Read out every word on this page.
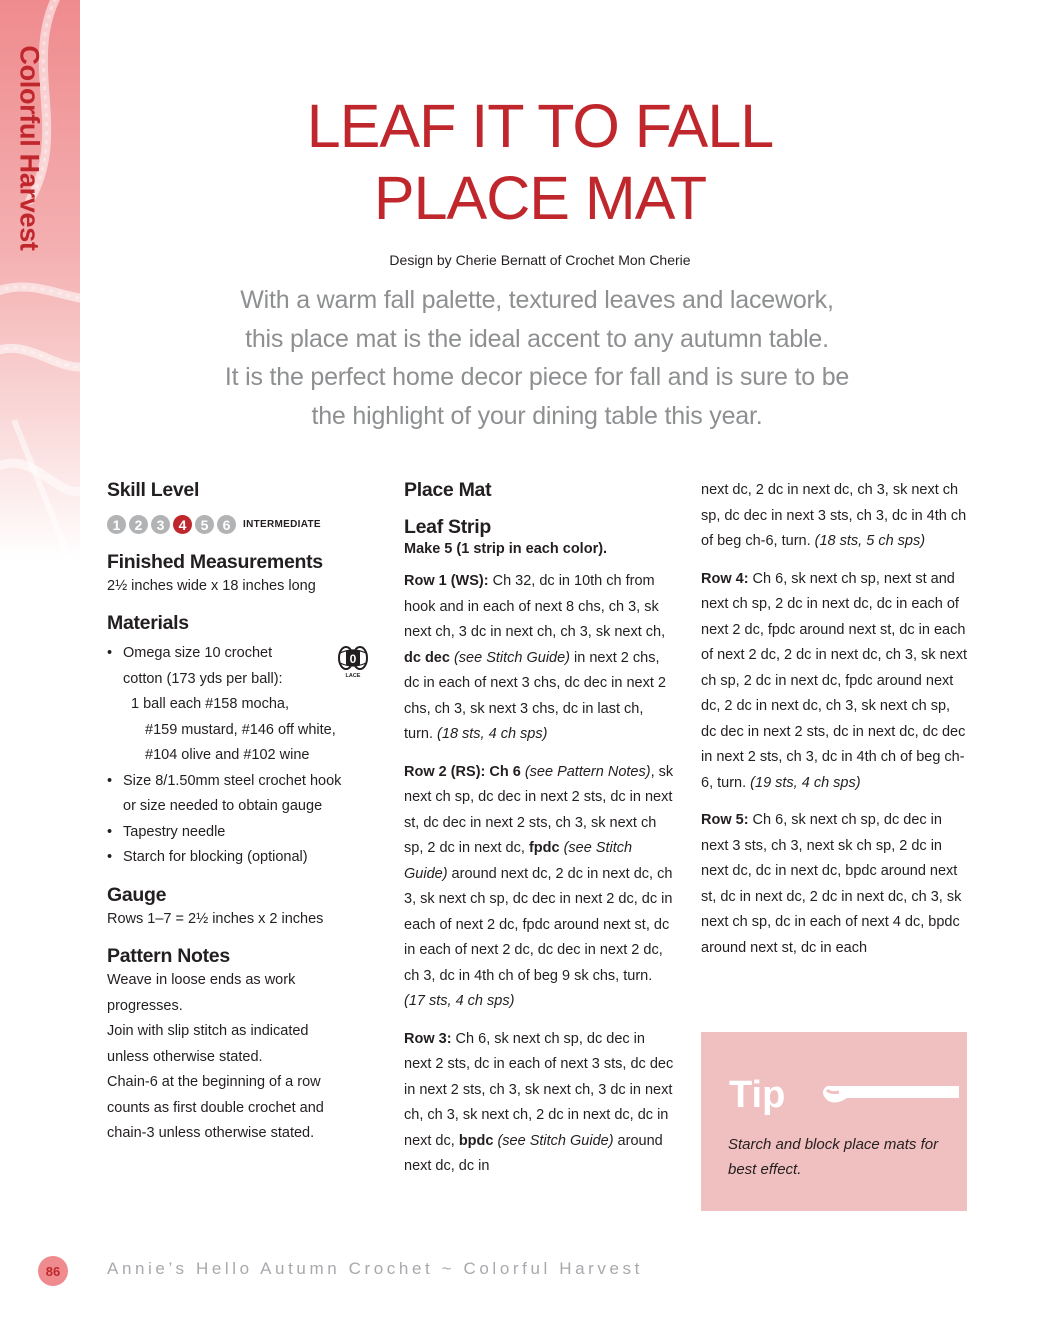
Colorful Harvest	LEAF IT TO FALL
PLACE MAT
Design by Cherie Bernatt of Crochet Mon Cherie
With a warm fall palette, textured leaves and lacework,
this place mat is the ideal accent to any autumn table.
It is the perfect home decor piece for fall and is sure to be
the highlight of your dining table this year.
Skill Level
1	2	3	4	5	6	INTERMEDIATE
Finished Measurements
2½ inches wide x 18 inches long
Materials
0
LACE
• Omega size 10 crochet
cotton (173 yds per ball):
1 ball each #158 mocha,
#159 mustard, #146 off white,
#104 olive and #102 wine
• Size 8/1.50mm steel crochet hook
or size needed to obtain gauge
• Tapestry needle
• Starch for blocking (optional)
Gauge
Rows 1–7 = 2½ inches x 2 inches
Pattern Notes
Weave in loose ends as work
progresses.
Join with slip stitch as indicated
unless otherwise stated.
Chain-6 at the beginning of a row
counts as first double crochet and
chain-3 unless otherwise stated.
Place Mat
Leaf Strip
Make 5 (1 strip in each color).

Row 1 (WS): Ch 32, dc in 10th ch from hook and in each of next 8 chs, ch 3, sk next ch, 3 dc in next ch, ch 3, sk next ch, dc dec (see Stitch Guide) in next 2 chs, dc in each of next 3 chs, dc dec in next 2 chs, ch 3, sk next 3 chs, dc in last ch, turn. (18 sts, 4 ch sps)

Row 2 (RS): Ch 6 (see Pattern Notes), sk next ch sp, dc dec in next 2 sts, dc in next st, dc dec in next 2 sts, ch 3, sk next ch sp, 2 dc in next dc, fpdc (see Stitch Guide) around next dc, 2 dc in next dc, ch 3, sk next ch sp, dc dec in next 2 dc, dc in each of next 2 dc, fpdc around next st, dc in each of next 2 dc, dc dec in next 2 dc, ch 3, dc in 4th ch of beg 9 sk chs, turn. (17 sts, 4 ch sps)

Row 3: Ch 6, sk next ch sp, dc dec in next 2 sts, dc in each of next 3 sts, dc dec in next 2 sts, ch 3, sk next ch, 3 dc in next ch, ch 3, sk next ch, 2 dc in next dc, dc in next dc, bpdc (see Stitch Guide) around next dc, dc in

next dc, 2 dc in next dc, ch 3, sk next ch sp, dc dec in next 3 sts, ch 3, dc in 4th ch of beg ch-6, turn. (18 sts, 5 ch sps)

Row 4: Ch 6, sk next ch sp, next st and next ch sp, 2 dc in next dc, dc in each of next 2 dc, fpdc around next st, dc in each of next 2 dc, 2 dc in next dc, ch 3, sk next ch sp, 2 dc in next dc, fpdc around next dc, 2 dc in next dc, ch 3, sk next ch sp, dc dec in next 2 sts, dc in next dc, dc dec in next 2 sts, ch 3, dc in 4th ch of beg ch-6, turn. (19 sts, 4 ch sps)

Row 5: Ch 6, sk next ch sp, dc dec in next 3 sts, ch 3, next sk ch sp, 2 dc in next dc, dc in next dc, bpdc around next st, dc in next dc, 2 dc in next dc, ch 3, sk next ch sp, dc in each of next 4 dc, bpdc around next st, dc in each

Tip
Starch and block place mats for best effect.
86	Annie’s Hello Autumn Crochet ~ Colorful Harvest
